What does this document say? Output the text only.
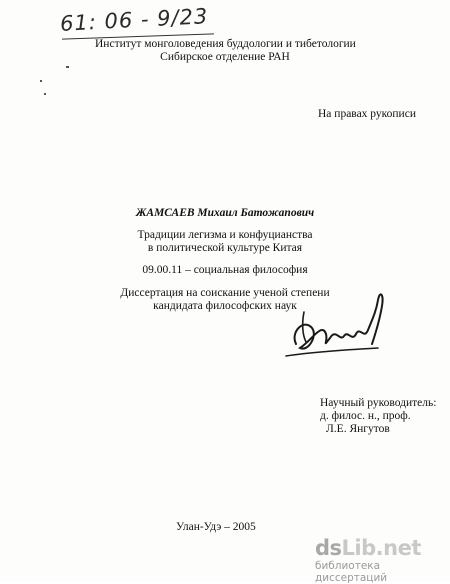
61: 06 - 9/23
Институт монголоведения буддологии и тибетологии
Сибирское отделение РАН
На правах рукописи
ЖАМСАЕВ Михаил Батожапович
Традиции легизма и конфуцианства
в политической культуре Китая
09.00.11 – социальная философия
Диссертация на соискание ученой степени
кандидата философских наук
Научный руководитель:
д. филос. н., проф.
Л.Е. Янгутов
Улан-Удэ – 2005
dsLib.net
библиотека диссертаций
